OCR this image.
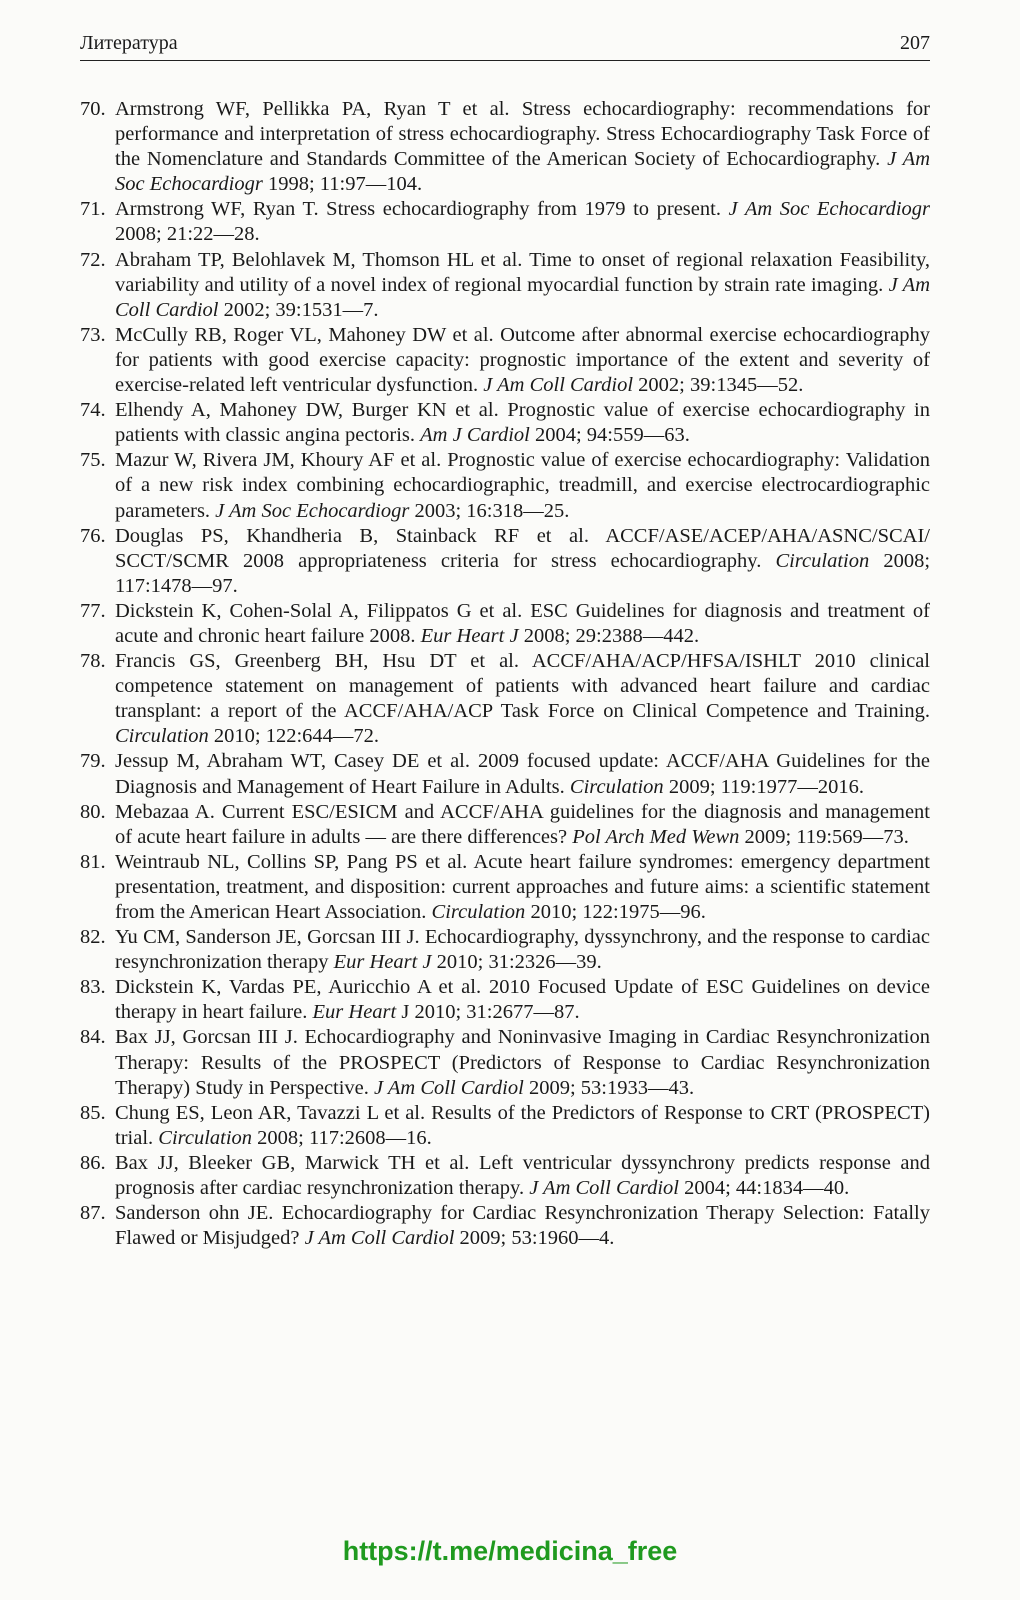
Литература	207
70. Armstrong WF, Pellikka PA, Ryan T et al. Stress echocardiography: recommendations for performance and interpretation of stress echocardiography. Stress Echocardiography Task Force of the Nomenclature and Standards Committee of the American Society of Echocardiography. J Am Soc Echocardiogr 1998; 11:97—104.
71. Armstrong WF, Ryan T. Stress echocardiography from 1979 to present. J Am Soc Echocardiogr 2008; 21:22—28.
72. Abraham TP, Belohlavek M, Thomson HL et al. Time to onset of regional relaxation Feasibility, variability and utility of a novel index of regional myocardial function by strain rate imaging. J Am Coll Cardiol 2002; 39:1531—7.
73. McCully RB, Roger VL, Mahoney DW et al. Outcome after abnormal exercise echocardiography for patients with good exercise capacity: prognostic importance of the extent and severity of exercise-related left ventricular dysfunction. J Am Coll Cardiol 2002; 39:1345—52.
74. Elhendy A, Mahoney DW, Burger KN et al. Prognostic value of exercise echocardiography in patients with classic angina pectoris. Am J Cardiol 2004; 94:559—63.
75. Mazur W, Rivera JM, Khoury AF et al. Prognostic value of exercise echocardiography: Validation of a new risk index combining echocardiographic, treadmill, and exercise electrocardiographic parameters. J Am Soc Echocardiogr 2003; 16:318—25.
76. Douglas PS, Khandheria B, Stainback RF et al. ACCF/ASE/ACEP/AHA/ASNC/SCAI/ SCCT/SCMR 2008 appropriateness criteria for stress echocardiography. Circulation 2008; 117:1478—97.
77. Dickstein K, Cohen-Solal A, Filippatos G et al. ESC Guidelines for diagnosis and treatment of acute and chronic heart failure 2008. Eur Heart J 2008; 29:2388—442.
78. Francis GS, Greenberg BH, Hsu DT et al. ACCF/AHA/ACP/HFSA/ISHLT 2010 clinical competence statement on management of patients with advanced heart failure and cardiac transplant: a report of the ACCF/AHA/ACP Task Force on Clinical Competence and Training. Circulation 2010; 122:644—72.
79. Jessup M, Abraham WT, Casey DE et al. 2009 focused update: ACCF/AHA Guidelines for the Diagnosis and Management of Heart Failure in Adults. Circulation 2009; 119:1977—2016.
80. Mebazaa A. Current ESC/ESICM and ACCF/AHA guidelines for the diagnosis and management of acute heart failure in adults — are there differences? Pol Arch Med Wewn 2009; 119:569—73.
81. Weintraub NL, Collins SP, Pang PS et al. Acute heart failure syndromes: emergency department presentation, treatment, and disposition: current approaches and future aims: a scientific statement from the American Heart Association. Circulation 2010; 122:1975—96.
82. Yu CM, Sanderson JE, Gorcsan III J. Echocardiography, dyssynchrony, and the response to cardiac resynchronization therapy Eur Heart J 2010; 31:2326—39.
83. Dickstein K, Vardas PE, Auricchio A et al. 2010 Focused Update of ESC Guidelines on device therapy in heart failure. Eur Heart J 2010; 31:2677—87.
84. Bax JJ, Gorcsan III J. Echocardiography and Noninvasive Imaging in Cardiac Resynchronization Therapy: Results of the PROSPECT (Predictors of Response to Cardiac Resynchronization Therapy) Study in Perspective. J Am Coll Cardiol 2009; 53:1933—43.
85. Chung ES, Leon AR, Tavazzi L et al. Results of the Predictors of Response to CRT (PROSPECT) trial. Circulation 2008; 117:2608—16.
86. Bax JJ, Bleeker GB, Marwick TH et al. Left ventricular dyssynchrony predicts response and prognosis after cardiac resynchronization therapy. J Am Coll Cardiol 2004; 44:1834—40.
87. Sanderson ohn JE. Echocardiography for Cardiac Resynchronization Therapy Selection: Fatally Flawed or Misjudged? J Am Coll Cardiol 2009; 53:1960—4.
https://t.me/medicina_free
